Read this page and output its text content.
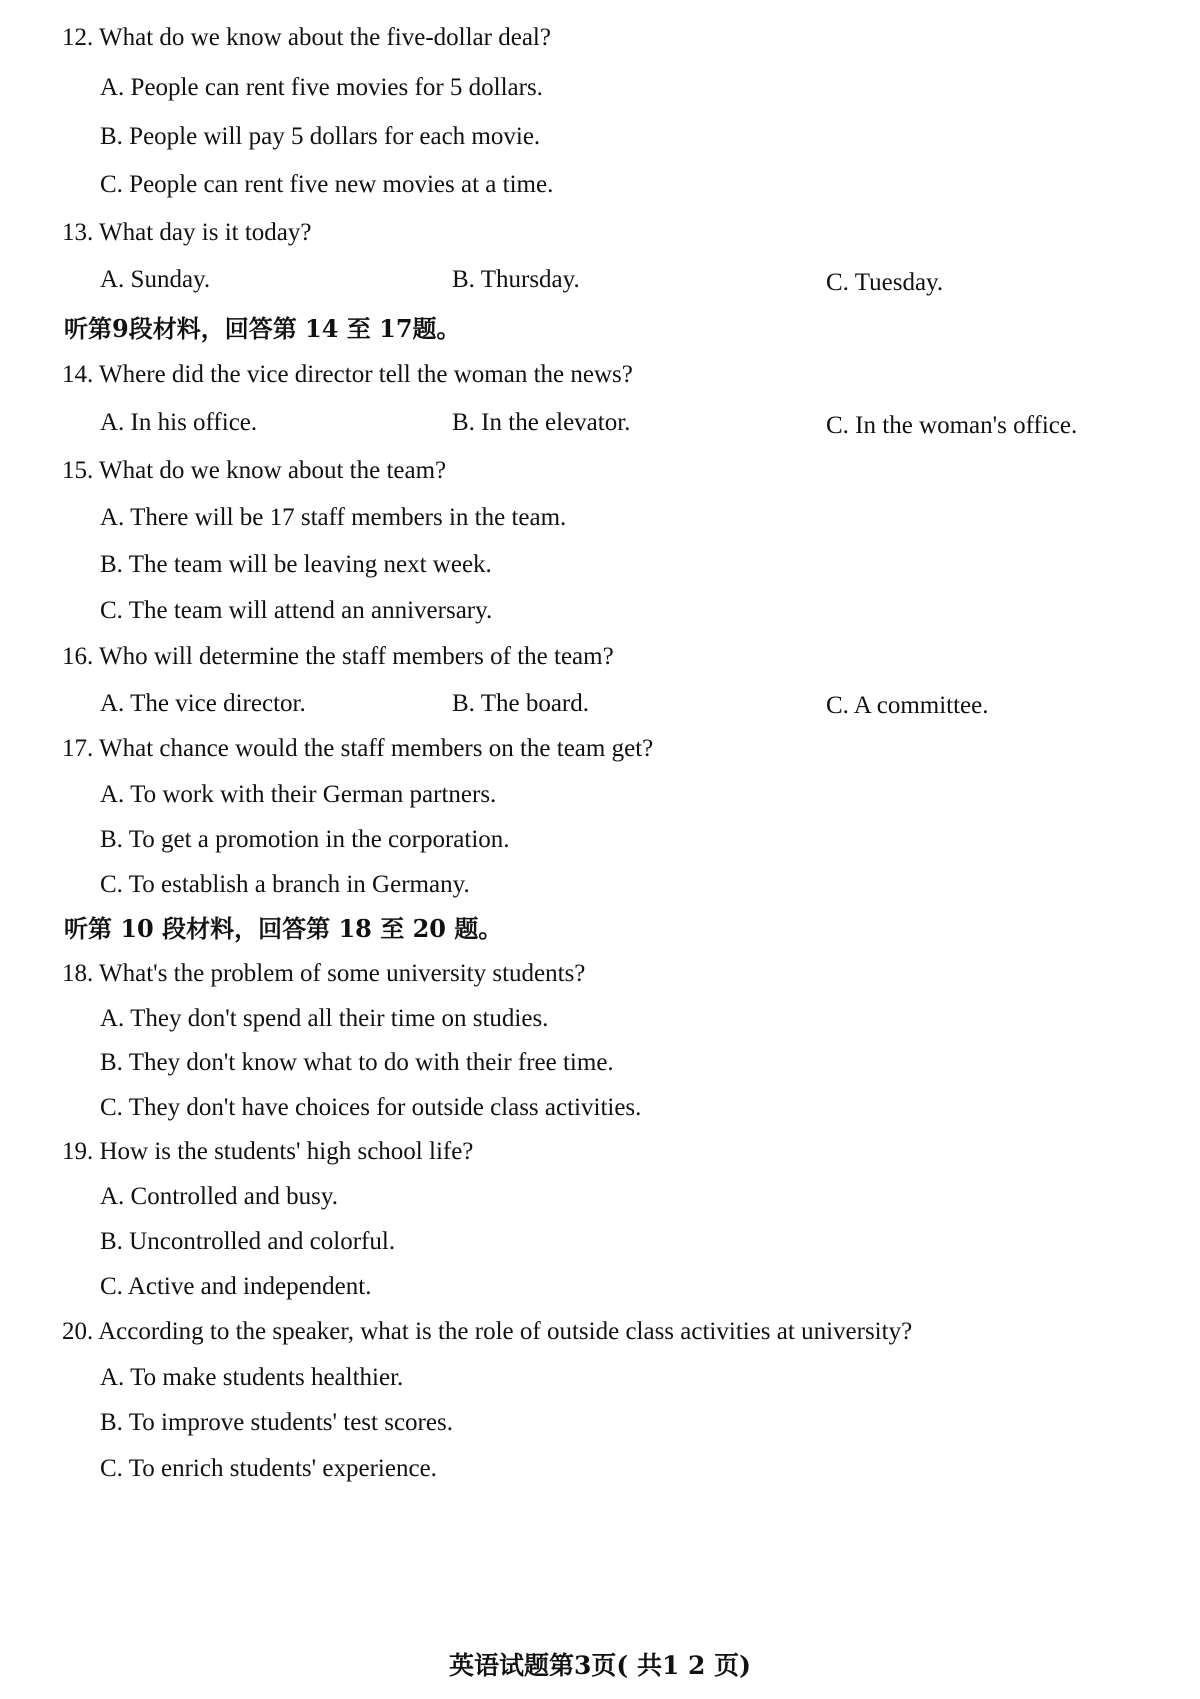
12. What do we know about the five-dollar deal?
A. People can rent five movies for 5 dollars.
B. People will pay 5 dollars for each movie.
C. People can rent five new movies at a time.
13. What day is it today?
A. Sunday.	B. Thursday.	C. Tuesday.
听第9段材料，回答第 14 至 17题。
14. Where did the vice director tell the woman the news?
A. In his office.	B. In the elevator.	C. In the woman's office.
15. What do we know about the team?
A. There will be 17 staff members in the team.
B. The team will be leaving next week.
C. The team will attend an anniversary.
16. Who will determine the staff members of the team?
A. The vice director.	B. The board.	C. A committee.
17. What chance would the staff members on the team get?
A. To work with their German partners.
B. To get a promotion in the corporation.
C. To establish a branch in Germany.
听第 10 段材料，回答第 18 至 20 题。
18. What's the problem of some university students?
A. They don't spend all their time on studies.
B. They don't know what to do with their free time.
C. They don't have choices for outside class activities.
19. How is the students' high school life?
A. Controlled and busy.
B. Uncontrolled and colorful.
C. Active and independent.
20. According to the speaker, what is the role of outside class activities at university?
A. To make students healthier.
B. To improve students' test scores.
C. To enrich students' experience.
英语试题第3页( 共1 2 页)
